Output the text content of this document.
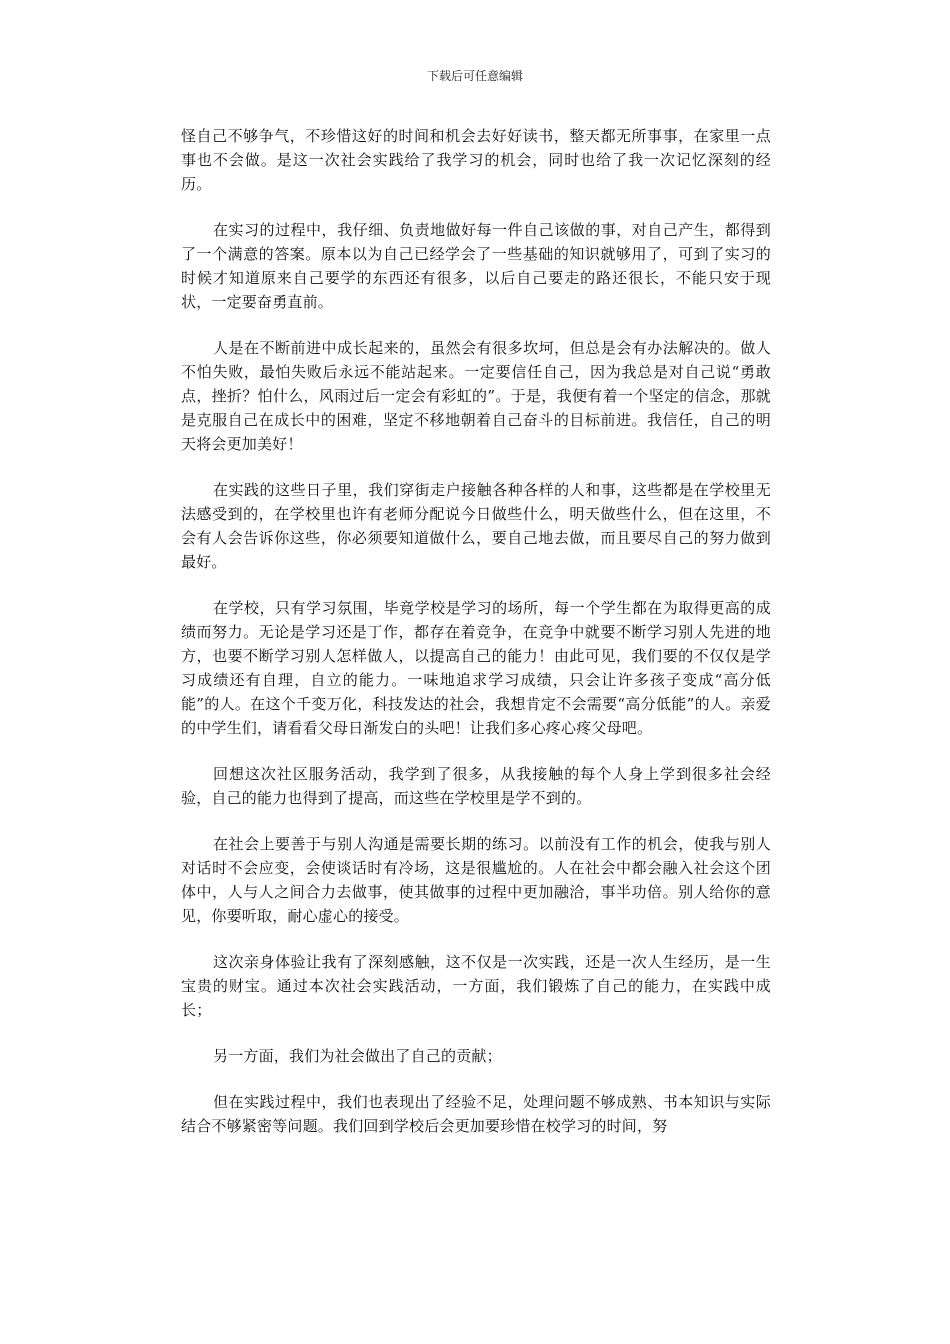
下载后可任意编辑

怪自己不够争气，不珍惜这好的时间和机会去好好读书，整天都无所事事，在家里一点事也不会做。是这一次社会实践给了我学习的机会，同时也给了我一次记忆深刻的经历。

在实习的过程中，我仔细、负责地做好每一件自己该做的事，对自己产生，都得到了一个满意的答案。原本以为自己已经学会了一些基础的知识就够用了，可到了实习的时候才知道原来自己要学的东西还有很多，以后自己要走的路还很长，不能只安于现状，一定要奋勇直前。

人是在不断前进中成长起来的，虽然会有很多坎坷，但总是会有办法解决的。做人不怕失败，最怕失败后永远不能站起来。一定要信任自己，因为我总是对自己说“勇敢点，挫折？怕什么，风雨过后一定会有彩虹的”。于是，我便有着一个坚定的信念，那就是克服自己在成长中的困难，坚定不移地朝着自己奋斗的目标前进。我信任，自己的明天将会更加美好！

在实践的这些日子里，我们穿街走户接触各种各样的人和事，这些都是在学校里无法感受到的，在学校里也许有老师分配说今日做些什么，明天做些什么，但在这里，不会有人会告诉你这些，你必须要知道做什么，要自己地去做，而且要尽自己的努力做到最好。

在学校，只有学习氛围，毕竟学校是学习的场所，每一个学生都在为取得更高的成绩而努力。无论是学习还是丁作，都存在着竞争，在竞争中就要不断学习别人先进的地方，也要不断学习别人怎样做人，以提高自己的能力！由此可见，我们要的不仅仅是学习成绩还有自理，自立的能力。一味地追求学习成绩，只会让许多孩子变成“高分低能”的人。在这个千变万化，科技发达的社会，我想肯定不会需要“高分低能”的人。亲爱的中学生们，请看看父母日渐发白的头吧！让我们多心疼心疼父母吧。

回想这次社区服务活动，我学到了很多，从我接触的每个人身上学到很多社会经验，自己的能力也得到了提高，而这些在学校里是学不到的。

在社会上要善于与别人沟通是需要长期的练习。以前没有工作的机会，使我与别人对话时不会应变，会使谈话时有冷场，这是很尴尬的。人在社会中都会融入社会这个团体中，人与人之间合力去做事，使其做事的过程中更加融洽，事半功倍。别人给你的意见，你要听取，耐心虚心的接受。

这次亲身体验让我有了深刻感触，这不仅是一次实践，还是一次人生经历，是一生宝贵的财宝。通过本次社会实践活动，一方面，我们锻炼了自己的能力，在实践中成长；

另一方面，我们为社会做出了自己的贡献；

但在实践过程中，我们也表现出了经验不足，处理问题不够成熟、书本知识与实际结合不够紧密等问题。我们回到学校后会更加要珍惜在校学习的时间，努
